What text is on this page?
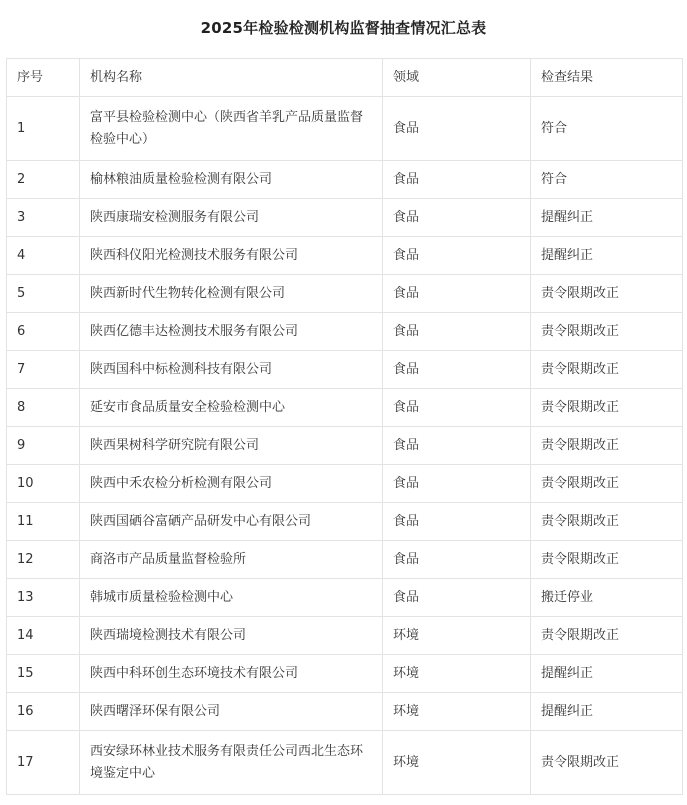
2025年检验检测机构监督抽查情况汇总表
序号	机构名称	领域	检查结果
1	富平县检验检测中心（陕西省羊乳产品质量监督检验中心）	食品	符合
2	榆林粮油质量检验检测有限公司	食品	符合
3	陕西康瑞安检测服务有限公司	食品	提醒纠正
4	陕西科仪阳光检测技术服务有限公司	食品	提醒纠正
5	陕西新时代生物转化检测有限公司	食品	责令限期改正
6	陕西亿德丰达检测技术服务有限公司	食品	责令限期改正
7	陕西国科中标检测科技有限公司	食品	责令限期改正
8	延安市食品质量安全检验检测中心	食品	责令限期改正
9	陕西果树科学研究院有限公司	食品	责令限期改正
10	陕西中禾农检分析检测有限公司	食品	责令限期改正
11	陕西国硒谷富硒产品研发中心有限公司	食品	责令限期改正
12	商洛市产品质量监督检验所	食品	责令限期改正
13	韩城市质量检验检测中心	食品	搬迁停业
14	陕西瑞境检测技术有限公司	环境	责令限期改正
15	陕西中科环创生态环境技术有限公司	环境	提醒纠正
16	陕西曙泽环保有限公司	环境	提醒纠正
17	西安绿环林业技术服务有限责任公司西北生态环境鉴定中心	环境	责令限期改正
